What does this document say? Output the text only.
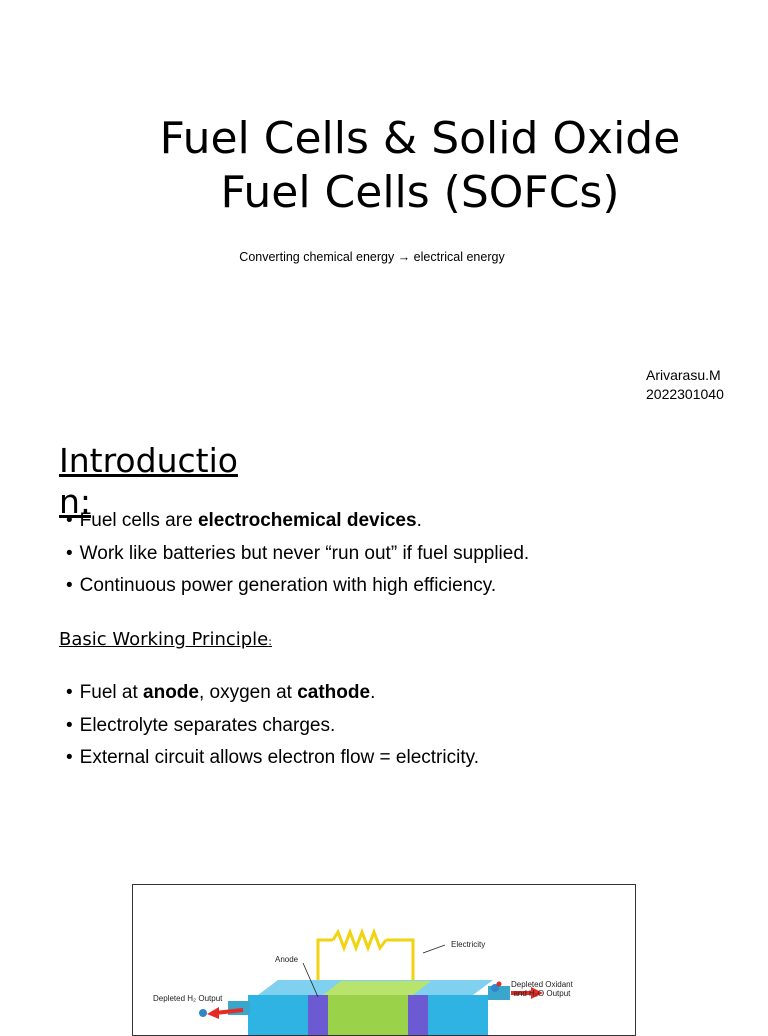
Fuel Cells & Solid Oxide Fuel Cells (SOFCs)
Converting chemical energy → electrical energy
Arivarasu.M
2022301040
Introduction:
• Fuel cells are electrochemical devices.
• Work like batteries but never “run out” if fuel supplied.
• Continuous power generation with high efficiency.
Basic Working Principle:
• Fuel at anode, oxygen at cathode.
• Electrolyte separates charges.
• External circuit allows electron flow = electricity.
Anode
Electricity
Depleted H₂ Output
Depleted Oxidant
and H₂O Output
